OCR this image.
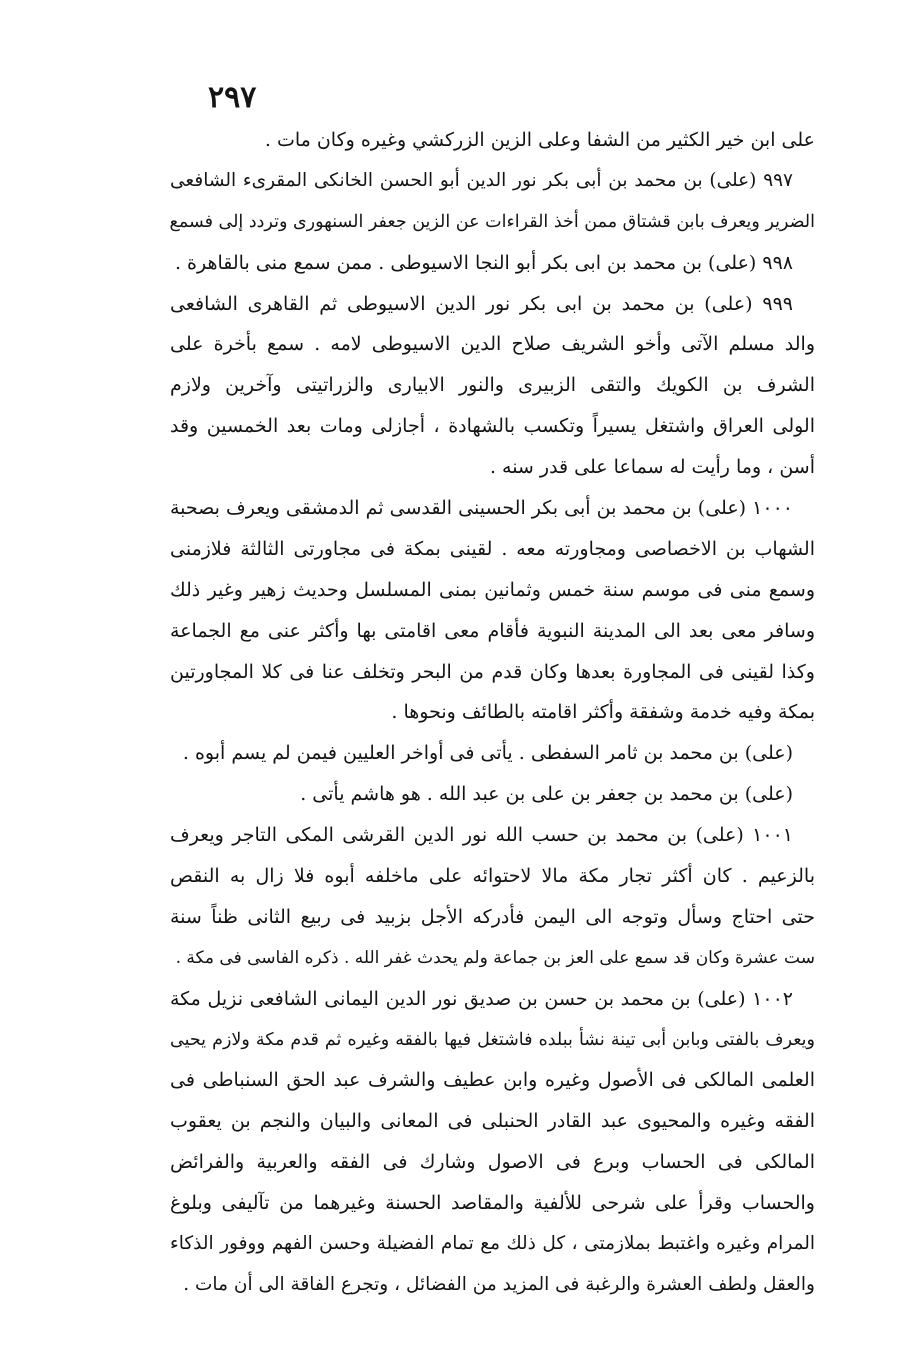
٢٩٧
على ابن خير الكثير من الشفا وعلى الزين الزركشي وغيره وكان مات .
٩٩٧ (على) بن محمد بن أبى بكر نور الدين أبو الحسن الخانكى المقرىء الشافعى
الضرير ويعرف بابن قشتاق ممن أخذ القراءات عن الزين جعفر السنهورى وتردد إلى فسمع
٩٩٨ (على) بن محمد بن ابى بكر أبو النجا الاسيوطى . ممن سمع منى بالقاهرة .
٩٩٩ (على) بن محمد بن ابى بكر نور الدين الاسيوطى ثم القاهرى الشافعى
والد مسلم الآتى وأخو الشريف صلاح الدين الاسيوطى لامه . سمع بأخرة على
الشرف بن الكويك والتقى الزبيرى والنور الابيارى والزراتيتى وآخرين ولازم
الولى العراق واشتغل يسيراً وتكسب بالشهادة ، أجازلى ومات بعد الخمسين وقد
أسن ، وما رأيت له سماعا على قدر سنه .
١٠٠٠ (على) بن محمد بن أبى بكر الحسينى القدسى ثم الدمشقى ويعرف بصحبة
الشهاب بن الاخصاصى ومجاورته معه . لقينى بمكة فى مجاورتى الثالثة فلازمنى
وسمع منى فى موسم سنة خمس وثمانين بمنى المسلسل وحديث زهير وغير ذلك
وسافر معى بعد الى المدينة النبوية فأقام معى اقامتى بها وأكثر عنى مع الجماعة
وكذا لقينى فى المجاورة بعدها وكان قدم من البحر وتخلف عنا فى كلا المجاورتين
بمكة وفيه خدمة وشفقة وأكثر اقامته بالطائف ونحوها .
(على) بن محمد بن ثامر السفطى . يأتى فى أواخر العليين فيمن لم يسم أبوه .
(على) بن محمد بن جعفر بن على بن عبد الله . هو هاشم يأتى .
١٠٠١ (على) بن محمد بن حسب الله نور الدين القرشى المكى التاجر ويعرف
بالزعيم . كان أكثر تجار مكة مالا لاحتوائه على ماخلفه أبوه فلا زال به النقص
حتى احتاج وسأل وتوجه الى اليمن فأدركه الأجل بزبيد فى ربيع الثانى ظناً سنة
ست عشرة وكان قد سمع على العز بن جماعة ولم يحدث غفر الله . ذكره الفاسى فى مكة .
١٠٠٢ (على) بن محمد بن حسن بن صديق نور الدين اليمانى الشافعى نزيل مكة
ويعرف بالفتى وبابن أبى تينة نشأ ببلده فاشتغل فيها بالفقه وغيره ثم قدم مكة ولازم يحيى
العلمى المالكى فى الأصول وغيره وابن عطيف والشرف عبد الحق السنباطى فى
الفقه وغيره والمحيوى عبد القادر الحنبلى فى المعانى والبيان والنجم بن يعقوب
المالكى فى الحساب وبرع فى الاصول وشارك فى الفقه والعربية والفرائض
والحساب وقرأ على شرحى للألفية والمقاصد الحسنة وغيرهما من تآليفى وبلوغ
المرام وغيره واغتبط بملازمتى ، كل ذلك مع تمام الفضيلة وحسن الفهم ووفور الذكاء
والعقل ولطف العشرة والرغبة فى المزيد من الفضائل ، وتجرع الفاقة الى أن مات .
